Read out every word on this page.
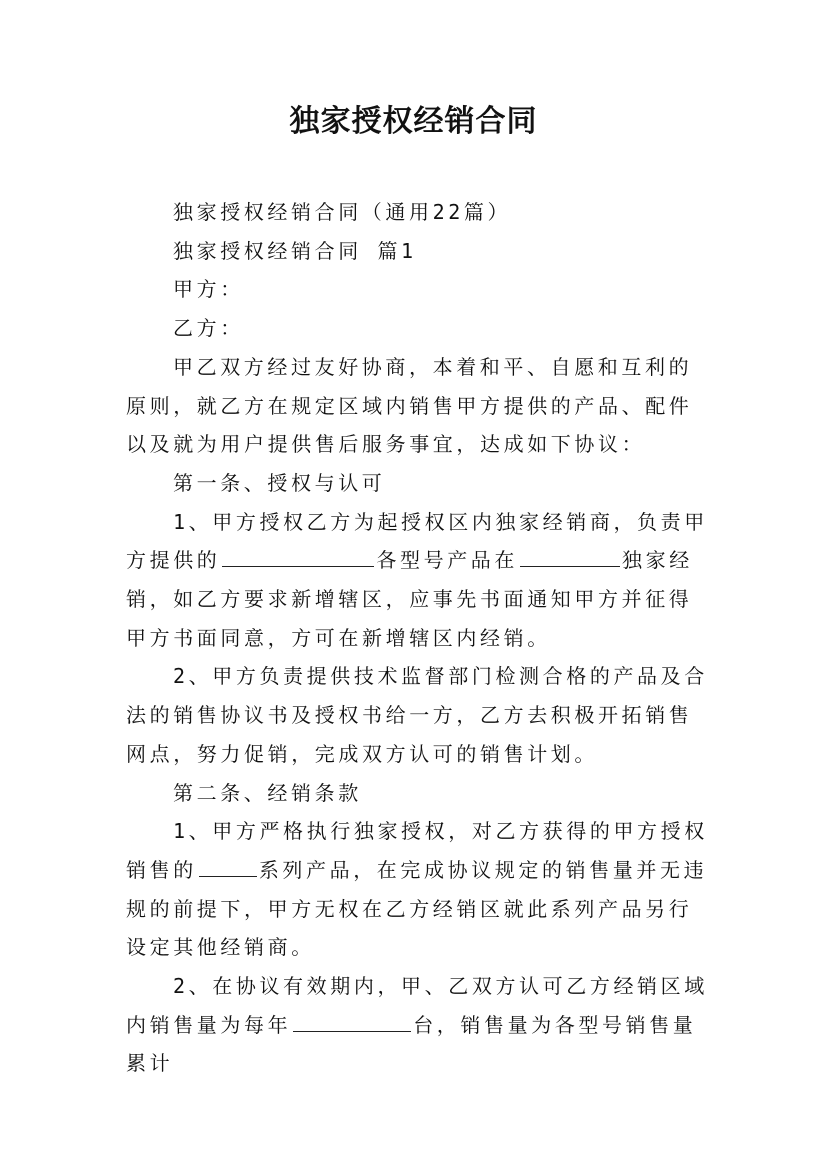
独家授权经销合同

独家授权经销合同（通用22篇）

独家授权经销合同 篇1

甲方：

乙方：

甲乙双方经过友好协商，本着和平、自愿和互利的原则，就乙方在规定区域内销售甲方提供的产品、配件以及就为用户提供售后服务事宜，达成如下协议：

第一条、授权与认可

1、甲方授权乙方为起授权区内独家经销商，负责甲方提供的	各型号产品在	独家经销，如乙方要求新增辖区，应事先书面通知甲方并征得甲方书面同意，方可在新增辖区内经销。

2、甲方负责提供技术监督部门检测合格的产品及合法的销售协议书及授权书给一方，乙方去积极开拓销售网点，努力促销，完成双方认可的销售计划。

第二条、经销条款

1、甲方严格执行独家授权，对乙方获得的甲方授权销售的	系列产品，在完成协议规定的销售量并无违规的前提下，甲方无权在乙方经销区就此系列产品另行设定其他经销商。

2、在协议有效期内，甲、乙双方认可乙方经销区域内销售量为每年	台，销售量为各型号销售量累计
